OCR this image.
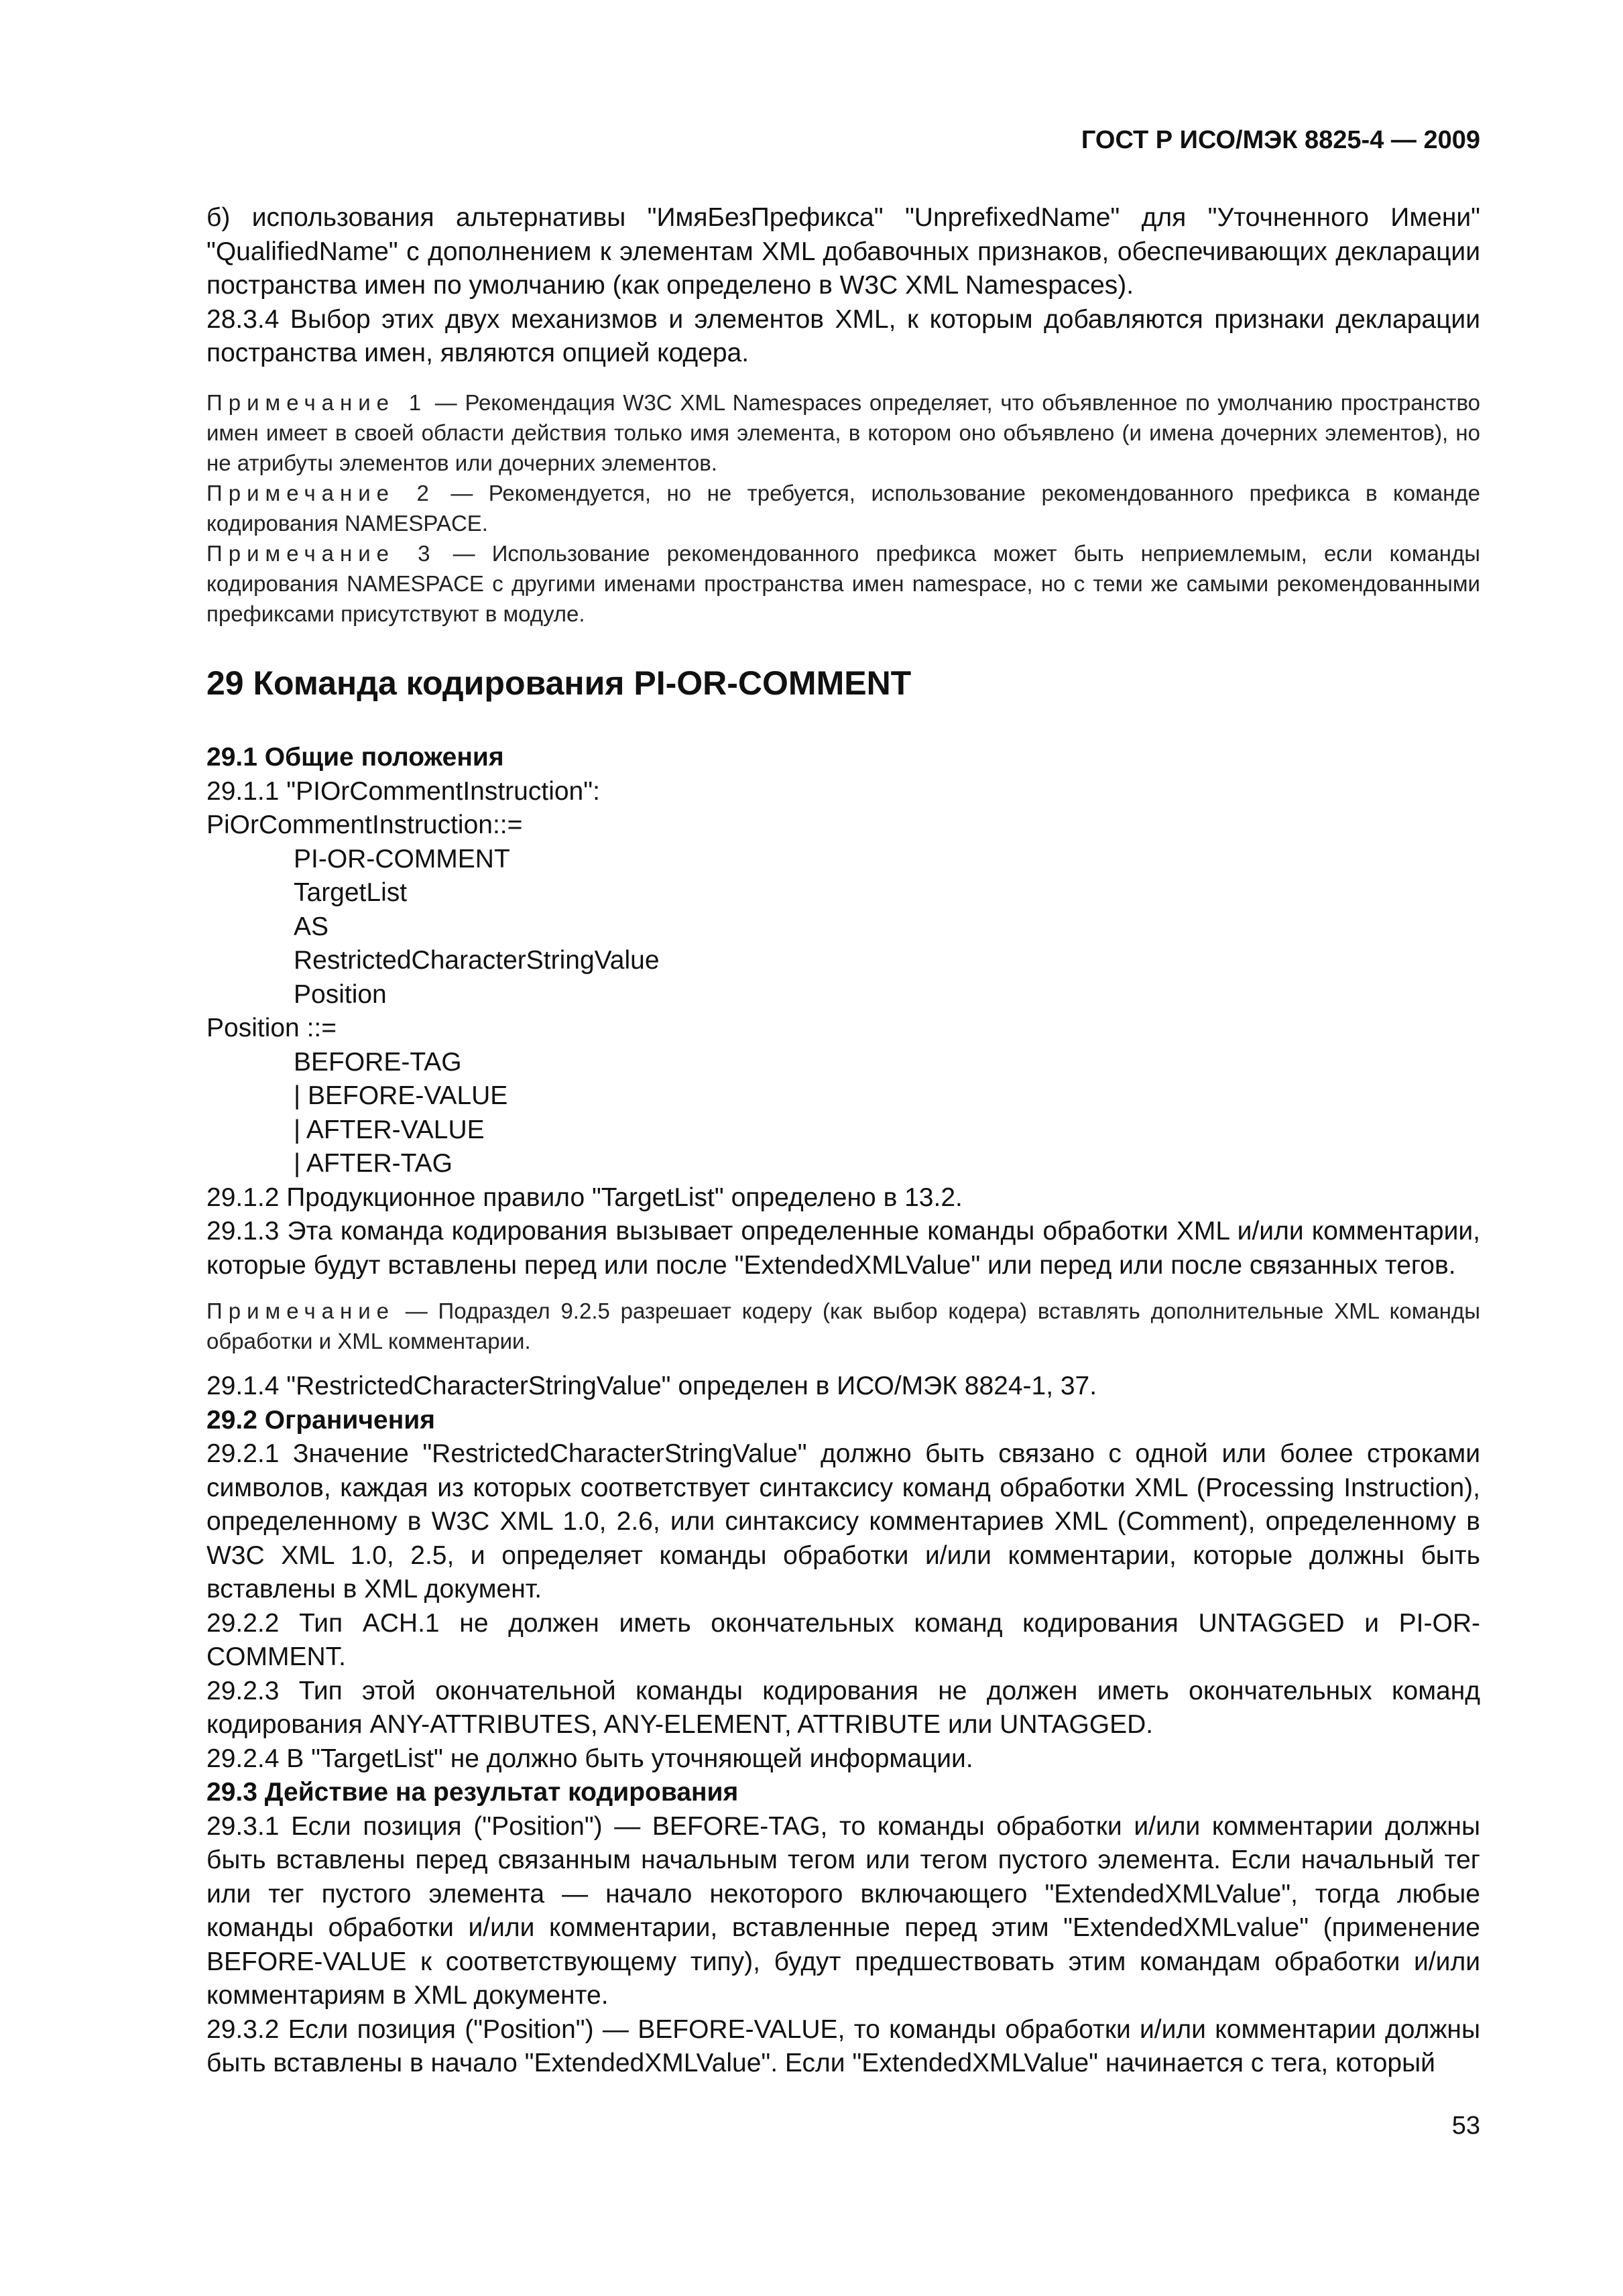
ГОСТ Р ИСО/МЭК 8825-4 — 2009

б) использования альтернативы "ИмяБезПрефикса" "UnprefixedName" для "Уточненного Имени" "QualifiedName" с дополнением к элементам XML добавочных признаков, обеспечивающих декларации постранства имен по умолчанию (как определено в W3C XML Namespaces).

28.3.4 Выбор этих двух механизмов и элементов XML, к которым добавляются признаки декларации постранства имен, являются опцией кодера.

Примечание 1 — Рекомендация W3C XML Namespaces определяет, что объявленное по умолчанию пространство имен имеет в своей области действия только имя элемента, в котором оно объявлено (и имена дочерних элементов), но не атрибуты элементов или дочерних элементов.

Примечание 2 — Рекомендуется, но не требуется, использование рекомендованного префикса в команде кодирования NAMESPACE.

Примечание 3 — Использование рекомендованного префикса может быть неприемлемым, если команды кодирования NAMESPACE с другими именами пространства имен namespace, но с теми же самыми рекомендованными префиксами присутствуют в модуле.

29 Команда кодирования PI-OR-COMMENT

29.1 Общие положения

29.1.1 "PIOrCommentInstruction":

PiOrCommentInstruction::=

PI-OR-COMMENT

TargetList

AS

RestrictedCharacterStringValue

Position

Position ::=

BEFORE-TAG

| BEFORE-VALUE

| AFTER-VALUE

| AFTER-TAG

29.1.2 Продукционное правило "TargetList" определено в 13.2.

29.1.3 Эта команда кодирования вызывает определенные команды обработки XML и/или комментарии, которые будут вставлены перед или после "ExtendedXMLValue" или перед или после связанных тегов.

Примечание — Подраздел 9.2.5 разрешает кодеру (как выбор кодера) вставлять дополнительные XML команды обработки и XML комментарии.

29.1.4 "RestrictedCharacterStringValue" определен в ИСО/МЭК 8824-1, 37.

29.2 Ограничения

29.2.1 Значение "RestrictedCharacterStringValue" должно быть связано с одной или более строками символов, каждая из которых соответствует синтаксису команд обработки XML (Processing Instruction), определенному в W3C XML 1.0, 2.6, или синтаксису комментариев XML (Comment), определенному в W3C XML 1.0, 2.5, и определяет команды обработки и/или комментарии, которые должны быть вставлены в XML документ.

29.2.2 Тип ACH.1 не должен иметь окончательных команд кодирования UNTAGGED и PI-OR-COMMENT.

29.2.3 Тип этой окончательной команды кодирования не должен иметь окончательных команд кодирования ANY-ATTRIBUTES, ANY-ELEMENT, ATTRIBUTE или UNTAGGED.

29.2.4 В "TargetList" не должно быть уточняющей информации.

29.3 Действие на результат кодирования

29.3.1 Если позиция ("Position") — BEFORE-TAG, то команды обработки и/или комментарии должны быть вставлены перед связанным начальным тегом или тегом пустого элемента. Если начальный тег или тег пустого элемента — начало некоторого включающего "ExtendedXMLValue", тогда любые команды обработки и/или комментарии, вставленные перед этим "ExtendedXMLvalue" (применение BEFORE-VALUE к соответствующему типу), будут предшествовать этим командам обработки и/или комментариям в XML документе.

29.3.2 Если позиция ("Position") — BEFORE-VALUE, то команды обработки и/или комментарии должны быть вставлены в начало "ExtendedXMLValue". Если "ExtendedXMLValue" начинается с тега, который

53
